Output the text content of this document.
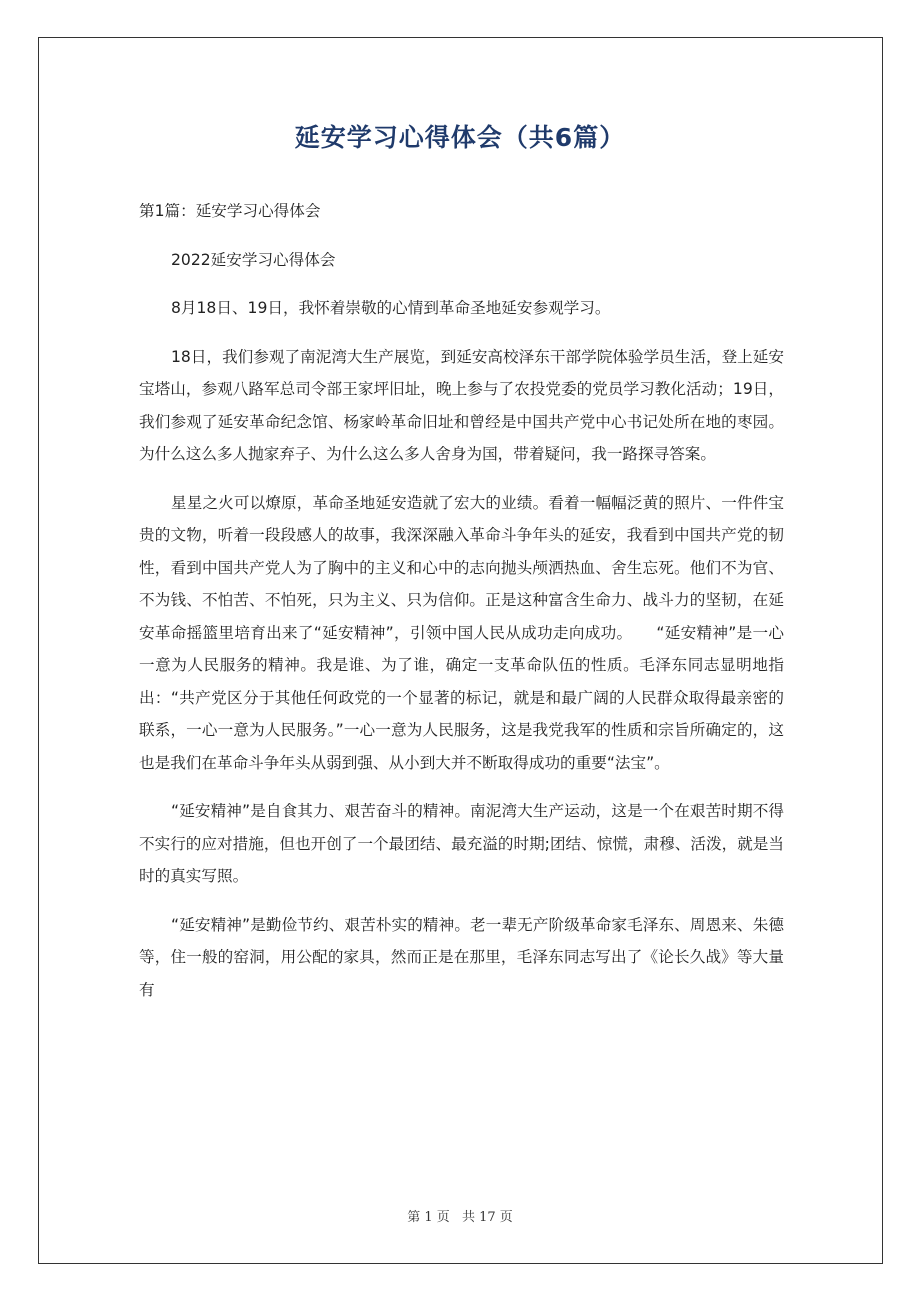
延安学习心得体会（共6篇）

第1篇：延安学习心得体会

2022延安学习心得体会

8月18日、19日，我怀着崇敬的心情到革命圣地延安参观学习。

18日，我们参观了南泥湾大生产展览，到延安高校泽东干部学院体验学员生活，登上延安宝塔山，参观八路军总司令部王家坪旧址，晚上参与了农投党委的党员学习教化活动；19日，我们参观了延安革命纪念馆、杨家岭革命旧址和曾经是中国共产党中心书记处所在地的枣园。为什么这么多人抛家弃子、为什么这么多人舍身为国，带着疑问，我一路探寻答案。

星星之火可以燎原，革命圣地延安造就了宏大的业绩。看着一幅幅泛黄的照片、一件件宝贵的文物，听着一段段感人的故事，我深深融入革命斗争年头的延安，我看到中国共产党的韧性，看到中国共产党人为了胸中的主义和心中的志向抛头颅洒热血、舍生忘死。他们不为官、不为钱、不怕苦、不怕死，只为主义、只为信仰。正是这种富含生命力、战斗力的坚韧，在延安革命摇篮里培育出来了“延安精神”，引领中国人民从成功走向成功。　　“延安精神”是一心一意为人民服务的精神。我是谁、为了谁，确定一支革命队伍的性质。毛泽东同志显明地指出：“共产党区分于其他任何政党的一个显著的标记，就是和最广阔的人民群众取得最亲密的联系，一心一意为人民服务。”一心一意为人民服务，这是我党我军的性质和宗旨所确定的，这也是我们在革命斗争年头从弱到强、从小到大并不断取得成功的重要“法宝”。

“延安精神”是自食其力、艰苦奋斗的精神。南泥湾大生产运动，这是一个在艰苦时期不得不实行的应对措施，但也开创了一个最团结、最充溢的时期;团结、惊慌，肃穆、活泼，就是当时的真实写照。

“延安精神”是勤俭节约、艰苦朴实的精神。老一辈无产阶级革命家毛泽东、周恩来、朱德等，住一般的窑洞，用公配的家具，然而正是在那里，毛泽东同志写出了《论长久战》等大量有

第 1 页 共 17 页
